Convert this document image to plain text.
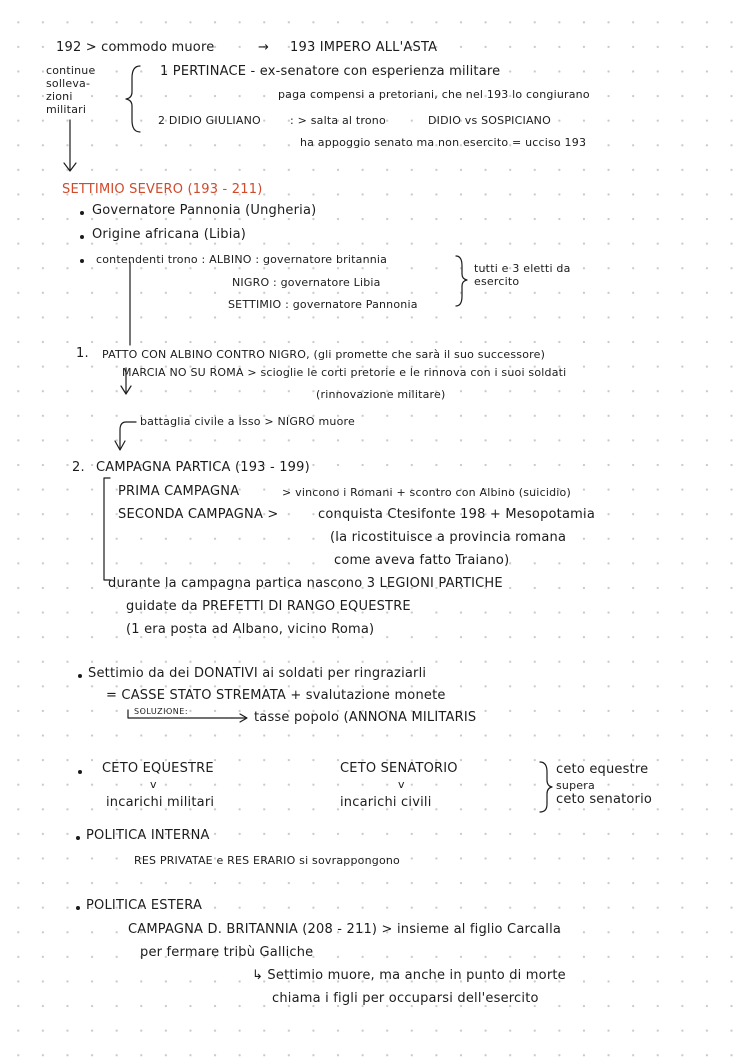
192 > commodo muore	→ 193 IMPERO ALL'ASTA
continue
solleva-
zioni
militari
1 PERTINACE - ex-senatore con esperienza militare
paga compensi a pretoriani, che nel 193 lo congiurano
2 DIDIO GIULIANO	: > salta al trono	DIDIO vs SOSPICIANO
ha appoggio senato ma non esercito = ucciso 193
SETTIMIO SEVERO (193 - 211)
Governatore Pannonia (Ungheria)
Origine africana (Libia)
contendenti trono : ALBINO : governatore britannia
NIGRO : governatore Libia
SETTIMIO : governatore Pannonia
tutti e 3 eletti da esercito
1. PATTO CON ALBINO CONTRO NIGRO, (gli promette che sarà il suo successore)
MARCIA NO SU ROMA > scioglie le corti pretorie e le rinnova con i suoi soldati
(rinnovazione militare)
battaglia civile a Isso > NIGRO muore
2. CAMPAGNA PARTICA (193 - 199)
PRIMA CAMPAGNA	> vincono i Romani + scontro con Albino (suicidio)
SECONDA CAMPAGNA >	conquista Ctesifonte 198 + Mesopotamia
(la ricostituisce a provincia romana
come aveva fatto Traiano)
durante la campagna partica nascono 3 LEGIONI PARTICHE
guidate da PREFETTI DI RANGO EQUESTRE
(1 era posta ad Albano, vicino Roma)
Settimio da dei DONATIVI ai soldati per ringraziarli
= CASSE STATO STREMATA + svalutazione monete
SOLUZIONE:	tasse popolo (ANNONA MILITARIS
CETO EQUESTRE
v
incarichi militari
CETO SENATORIO
v
incarichi civili
ceto equestre
supera
ceto senatorio
POLITICA INTERNA
RES PRIVATAE e RES ERARIO si sovrappongono
POLITICA ESTERA
CAMPAGNA D. BRITANNIA (208 - 211) > insieme al figlio Carcalla
per fermare tribù Galliche
↳ Settimio muore, ma anche in punto di morte
chiama i figli per occuparsi dell'esercito
